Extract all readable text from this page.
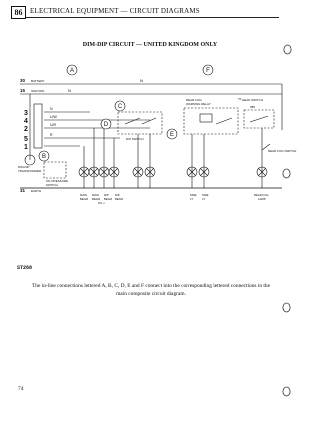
86	ELECTRICAL EQUIPMENT — CIRCUIT DIAGRAMS
DIM-DIP CIRCUIT — UNITED KINGDOM ONLY
A
B
C
D
E
F
3
4
2
5
1
30 BATTERY
15 IGNITION
N
N
N
U/W
U/R
R
31 EARTH
DIP SWITCH
REAR FOG
WARNING RELAY
HEAD SWITCH
085
70
REAR FOG SWITCH
DIM-DIP
TRANSFORMER
OIL PRESSURE
SWITCH
MAIN MAIN DIP DIP
BEAM BEAM BEAM BEAM
W.L.I.
SIDE SIDE
LT	LT
REAR FOG
LAMP
ST268
The in-line connections lettered A, B, C, D, E and F connect into the corresponding lettered connections in the main composite circuit diagram.
74
